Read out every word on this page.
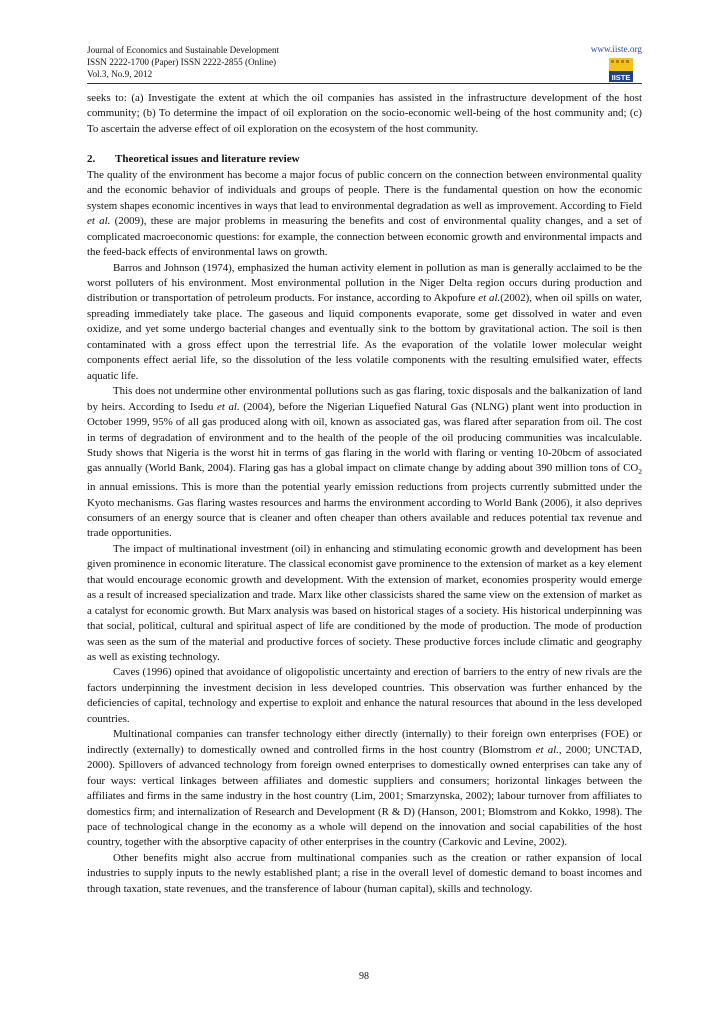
Journal of Economics and Sustainable Development

ISSN 2222-1700 (Paper) ISSN 2222-2855 (Online)

Vol.3, No.9, 2012

www.iiste.org
IISTE

seeks to: (a) Investigate the extent at which the oil companies has assisted in the infrastructure development of the host community; (b) To determine the impact of oil exploration on the socio-economic well-being of the host community and; (c) To ascertain the adverse effect of oil exploration on the ecosystem of the host community.

2. Theoretical issues and literature review

The quality of the environment has become a major focus of public concern on the connection between environmental quality and the economic behavior of individuals and groups of people. There is the fundamental question on how the economic system shapes economic incentives in ways that lead to environmental degradation as well as improvement. According to Field et al. (2009), these are major problems in measuring the benefits and cost of environmental quality changes, and a set of complicated macroeconomic questions: for example, the connection between economic growth and environmental impacts and the feed-back effects of environmental laws on growth.

Barros and Johnson (1974), emphasized the human activity element in pollution as man is generally acclaimed to be the worst polluters of his environment. Most environmental pollution in the Niger Delta region occurs during production and distribution or transportation of petroleum products. For instance, according to Akpofure et al.(2002), when oil spills on water, spreading immediately take place. The gaseous and liquid components evaporate, some get dissolved in water and even oxidize, and yet some undergo bacterial changes and eventually sink to the bottom by gravitational action. The soil is then contaminated with a gross effect upon the terrestrial life. As the evaporation of the volatile lower molecular weight components effect aerial life, so the dissolution of the less volatile components with the resulting emulsified water, effects aquatic life.

This does not undermine other environmental pollutions such as gas flaring, toxic disposals and the balkanization of land by heirs. According to Isedu et al. (2004), before the Nigerian Liquefied Natural Gas (NLNG) plant went into production in October 1999, 95% of all gas produced along with oil, known as associated gas, was flared after separation from oil. The cost in terms of degradation of environment and to the health of the people of the oil producing communities was incalculable. Study shows that Nigeria is the worst hit in terms of gas flaring in the world with flaring or venting 10-20bcm of associated gas annually (World Bank, 2004). Flaring gas has a global impact on climate change by adding about 390 million tons of $CO_2$ in annual emissions. This is more than the potential yearly emission reductions from projects currently submitted under the Kyoto mechanisms. Gas flaring wastes resources and harms the environment according to World Bank (2006), it also deprives consumers of an energy source that is cleaner and often cheaper than others available and reduces potential tax revenue and trade opportunities.

The impact of multinational investment (oil) in enhancing and stimulating economic growth and development has been given prominence in economic literature. The classical economist gave prominence to the extension of market as a key element that would encourage economic growth and development. With the extension of market, economies prosperity would emerge as a result of increased specialization and trade. Marx like other classicists shared the same view on the extension of market as a catalyst for economic growth. But Marx analysis was based on historical stages of a society. His historical underpinning was that social, political, cultural and spiritual aspect of life are conditioned by the mode of production. The mode of production was seen as the sum of the material and productive forces of society. These productive forces include climatic and geography as well as existing technology.

Caves (1996) opined that avoidance of oligopolistic uncertainty and erection of barriers to the entry of new rivals are the factors underpinning the investment decision in less developed countries. This observation was further enhanced by the deficiencies of capital, technology and expertise to exploit and enhance the natural resources that abound in the less developed countries.

Multinational companies can transfer technology either directly (internally) to their foreign own enterprises (FOE) or indirectly (externally) to domestically owned and controlled firms in the host country (Blomstrom et al., 2000; UNCTAD, 2000). Spillovers of advanced technology from foreign owned enterprises to domestically owned enterprises can take any of four ways: vertical linkages between affiliates and domestic suppliers and consumers; horizontal linkages between the affiliates and firms in the same industry in the host country (Lim, 2001; Smarzynska, 2002); labour turnover from affiliates to domestics firm; and internalization of Research and Development (R & D) (Hanson, 2001; Blomstrom and Kokko, 1998). The pace of technological change in the economy as a whole will depend on the innovation and social capabilities of the host country, together with the absorptive capacity of other enterprises in the country (Carkovic and Levine, 2002).

Other benefits might also accrue from multinational companies such as the creation or rather expansion of local industries to supply inputs to the newly established plant; a rise in the overall level of domestic demand to boast incomes and through taxation, state revenues, and the transference of labour (human capital), skills and technology.

98
